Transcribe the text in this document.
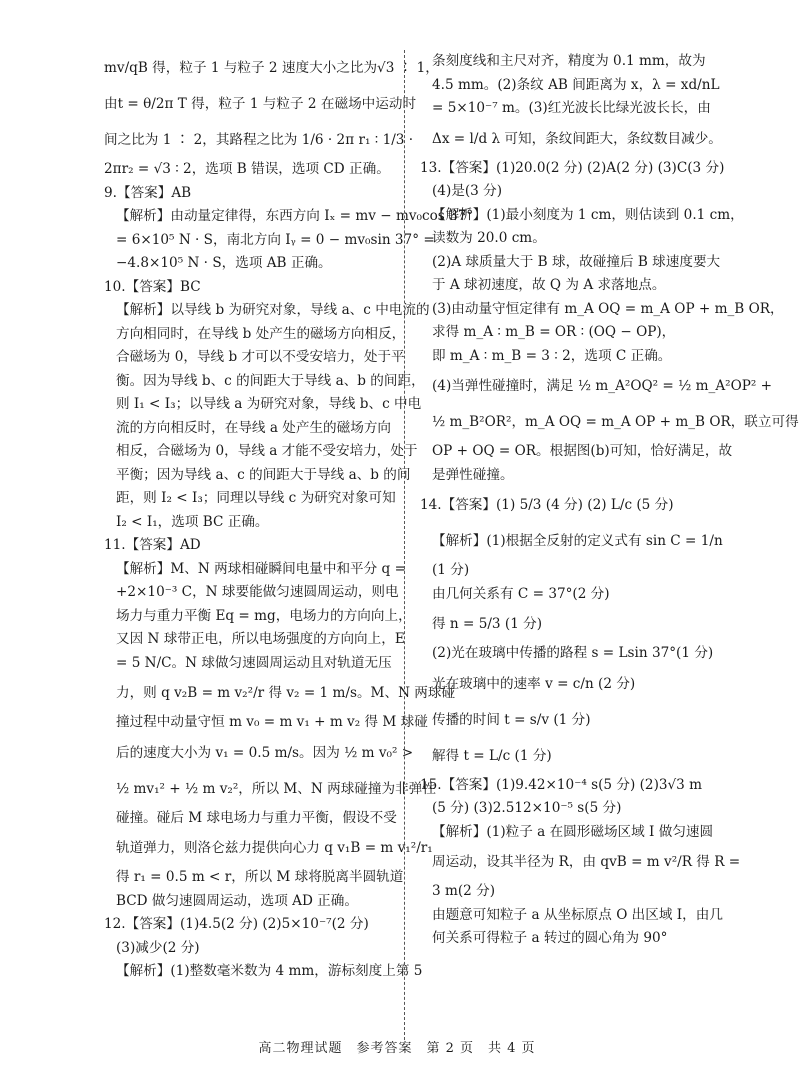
mv/qB 得，粒子 1 与粒子 2 速度大小之比为√3 ∶ 1，
由t = θ/2π T 得，粒子 1 与粒子 2 在磁场中运动时
间之比为 1 ∶ 2，其路程之比为 1/6 · 2π r₁ ∶ 1/3 ·
2πr₂ = √3 ∶ 2，选项 B 错误，选项 CD 正确。
9.【答案】AB
【解析】由动量定律得，东西方向 Iₓ = mv − mv₀cos 37°
= 6×10⁵ N · S，南北方向 Iᵧ = 0 − mv₀sin 37° =
−4.8×10⁵ N · S，选项 AB 正确。
10.【答案】BC
【解析】以导线 b 为研究对象，导线 a、c 中电流的
方向相同时，在导线 b 处产生的磁场方向相反，
合磁场为 0，导线 b 才可以不受安培力，处于平
衡。因为导线 b、c 的间距大于导线 a、b 的间距，
则 I₁ < I₃；以导线 a 为研究对象，导线 b、c 中电
流的方向相反时，在导线 a 处产生的磁场方向
相反，合磁场为 0，导线 a 才能不受安培力，处于
平衡；因为导线 a、c 的间距大于导线 a、b 的间
距，则 I₂ < I₃；同理以导线 c 为研究对象可知
I₂ < I₁，选项 BC 正确。
11.【答案】AD
【解析】M、N 两球相碰瞬间电量中和平分 q =
+2×10⁻³ C，N 球要能做匀速圆周运动，则电
场力与重力平衡 Eq = mg，电场力的方向向上，
又因 N 球带正电，所以电场强度的方向向上，E
= 5 N/C。N 球做匀速圆周运动且对轨道无压
力，则 q v₂B = m v₂²/r 得 v₂ = 1 m/s。M、N 两球碰
撞过程中动量守恒 m v₀ = m v₁ + m v₂ 得 M 球碰
后的速度大小为 v₁ = 0.5 m/s。因为 ½ m v₀² >
½ mv₁² + ½ m v₂²，所以 M、N 两球碰撞为非弹性
碰撞。碰后 M 球电场力与重力平衡，假设不受
轨道弹力，则洛仑兹力提供向心力 q v₁B = m v₁²/r₁
得 r₁ = 0.5 m < r，所以 M 球将脱离半圆轨道
BCD 做匀速圆周运动，选项 AD 正确。
12.【答案】(1)4.5(2 分) (2)5×10⁻⁷(2 分)
(3)减少(2 分)
【解析】(1)整数毫米数为 4 mm，游标刻度上第 5
条刻度线和主尺对齐，精度为 0.1 mm，故为
4.5 mm。(2)条纹 AB 间距离为 x，λ = xd/nL
= 5×10⁻⁷ m。(3)红光波长比绿光波长长，由
Δx = l/d λ 可知，条纹间距大，条纹数目减少。
13.【答案】(1)20.0(2 分) (2)A(2 分) (3)C(3 分)
(4)是(3 分)
【解析】(1)最小刻度为 1 cm，则估读到 0.1 cm，
读数为 20.0 cm。
(2)A 球质量大于 B 球，故碰撞后 B 球速度要大
于 A 球初速度，故 Q 为 A 求落地点。
(3)由动量守恒定律有 m_A OQ = m_A OP + m_B OR，
求得 m_A ∶ m_B = OR ∶ (OQ − OP)，
即 m_A ∶ m_B = 3 ∶ 2，选项 C 正确。
(4)当弹性碰撞时，满足 ½ m_A²OQ² = ½ m_A²OP² +
½ m_B²OR²，m_A OQ = m_A OP + m_B OR，联立可得
OP + OQ = OR。根据图(b)可知，恰好满足，故
是弹性碰撞。
14.【答案】(1) 5/3 (4 分) (2) L/c (5 分)
【解析】(1)根据全反射的定义式有 sin C = 1/n
(1 分)
由几何关系有 C = 37°(2 分)
得 n = 5/3 (1 分)
(2)光在玻璃中传播的路程 s = Lsin 37°(1 分)
光在玻璃中的速率 v = c/n (2 分)
传播的时间 t = s/v (1 分)
解得 t = L/c (1 分)
15.【答案】(1)9.42×10⁻⁴ s(5 分) (2)3√3 m
(5 分) (3)2.512×10⁻⁵ s(5 分)
【解析】(1)粒子 a 在圆形磁场区域 I 做匀速圆
周运动，设其半径为 R，由 qvB = m v²/R 得 R =
3 m(2 分)
由题意可知粒子 a 从坐标原点 O 出区域 I，由几
何关系可得粒子 a 转过的圆心角为 90°
高二物理试题　参考答案　第 2 页　共 4 页
